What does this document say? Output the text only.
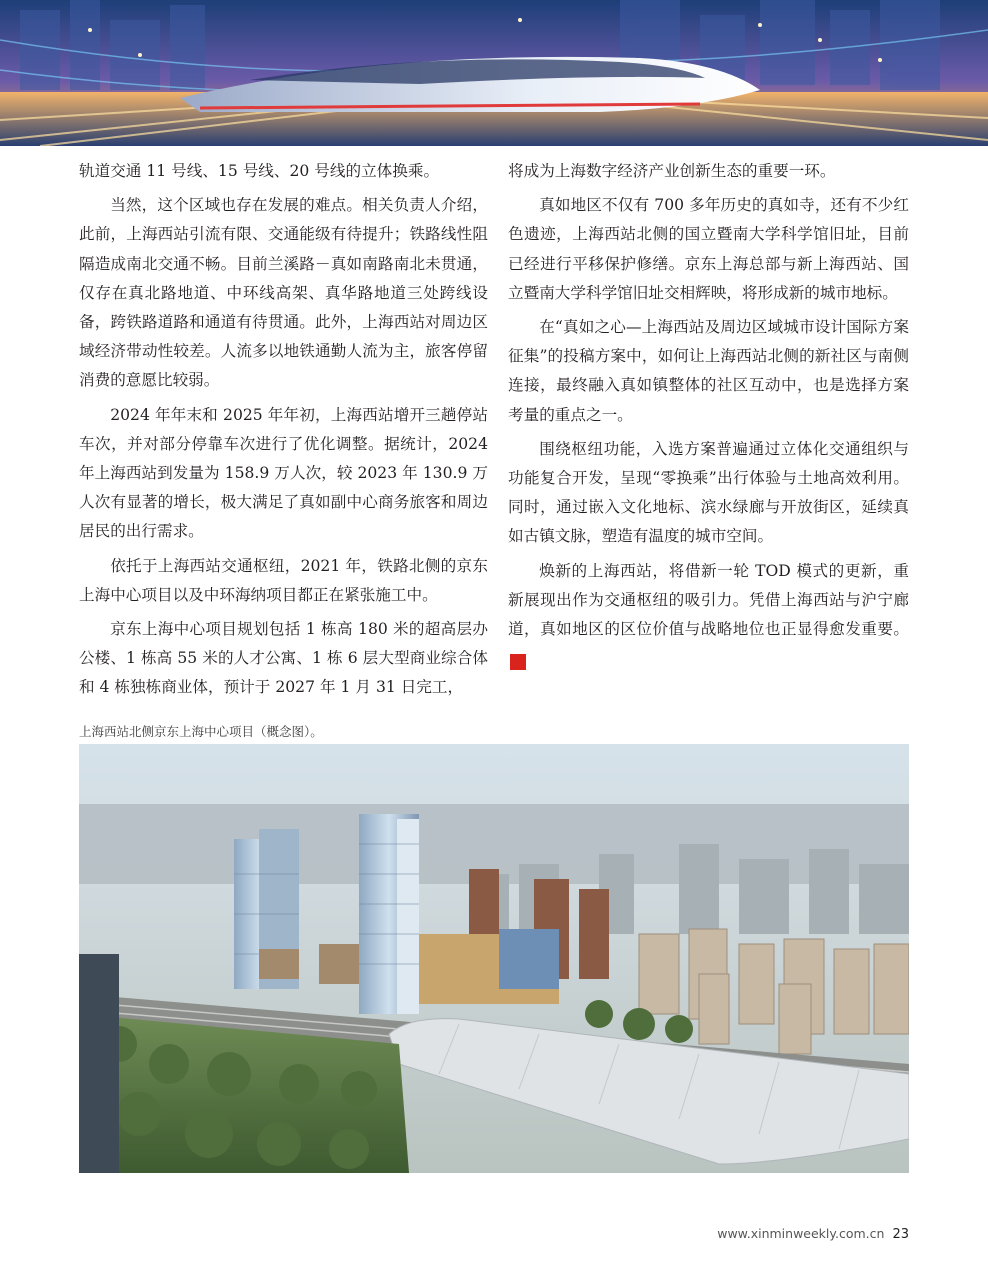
轨道交通 11 号线、15 号线、20 号线的立体换乘。

当然，这个区域也存在发展的难点。相关负责人介绍，此前，上海西站引流有限、交通能级有待提升；铁路线性阻隔造成南北交通不畅。目前兰溪路－真如南路南北未贯通，仅存在真北路地道、中环线高架、真华路地道三处跨线设备，跨铁路道路和通道有待贯通。此外，上海西站对周边区域经济带动性较差。人流多以地铁通勤人流为主，旅客停留消费的意愿比较弱。

2024 年年末和 2025 年年初，上海西站增开三趟停站车次，并对部分停靠车次进行了优化调整。据统计，2024 年上海西站到发量为 158.9 万人次，较 2023 年 130.9 万人次有显著的增长，极大满足了真如副中心商务旅客和周边居民的出行需求。

依托于上海西站交通枢纽，2021 年，铁路北侧的京东上海中心项目以及中环海纳项目都正在紧张施工中。

京东上海中心项目规划包括 1 栋高 180 米的超高层办公楼、1 栋高 55 米的人才公寓、1 栋 6 层大型商业综合体和 4 栋独栋商业体，预计于 2027 年 1 月 31 日完工，

将成为上海数字经济产业创新生态的重要一环。

真如地区不仅有 700 多年历史的真如寺，还有不少红色遗迹，上海西站北侧的国立暨南大学科学馆旧址，目前已经进行平移保护修缮。京东上海总部与新上海西站、国立暨南大学科学馆旧址交相辉映，将形成新的城市地标。

在“真如之心—上海西站及周边区域城市设计国际方案征集”的投稿方案中，如何让上海西站北侧的新社区与南侧连接，最终融入真如镇整体的社区互动中，也是选择方案考量的重点之一。

围绕枢纽功能，入选方案普遍通过立体化交通组织与功能复合开发，呈现“零换乘”出行体验与土地高效利用。同时，通过嵌入文化地标、滨水绿廊与开放街区，延续真如古镇文脉，塑造有温度的城市空间。

焕新的上海西站，将借新一轮 TOD 模式的更新，重新展现出作为交通枢纽的吸引力。凭借上海西站与沪宁廊道，真如地区的区位价值与战略地位也正显得愈发重要。民

上海西站北侧京东上海中心项目（概念图）。
www.xinminweekly.com.cn 23
